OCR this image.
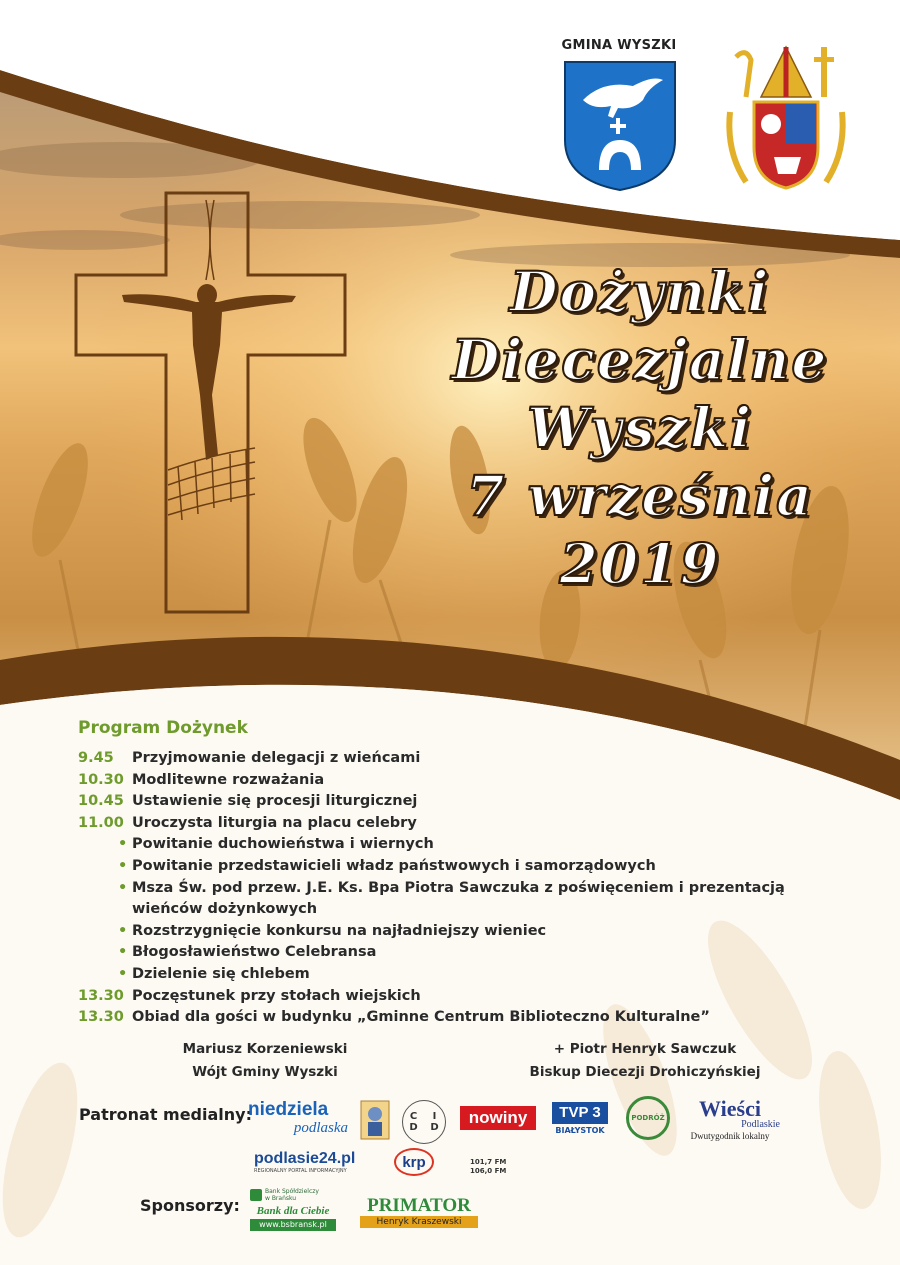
GMINA WYSZKI
Dożynki
Diecezjalne
Wyszki
7 września
2019
Program Dożynek
9.45	Przyjmowanie delegacji z wieńcami
10.30 Modlitewne rozważania
10.45 Ustawienie się procesji liturgicznej
11.00 Uroczysta liturgia na placu celebry
• Powitanie duchowieństwa i wiernych
• Powitanie przedstawicieli władz państwowych i samorządowych
• Msza Św. pod przew. J.E. Ks. Bpa Piotra Sawczuka z poświęceniem i prezentacją wieńców dożynkowych
• Rozstrzygnięcie konkursu na najładniejszy wieniec
• Błogosławieństwo Celebransa
• Dzielenie się chlebem
13.30 Poczęstunek przy stołach wiejskich
13.30 Obiad dla gości w budynku „Gminne Centrum Biblioteczno Kulturalne”
Mariusz Korzeniewski
Wójt Gminy Wyszki
+ Piotr Henryk Sawczuk
Biskup Diecezji Drohiczyńskiej
Patronat medialny:
niedziela
podlaska
C I
D D
nowiny	TVP 3
BIAŁYSTOK
PODRÓŻ	Wieści
Podlaskie
Dwutygodnik lokalny
podlasie24.pl
REGIONALNY PORTAL INFORMACYJNY	krp	101,7 FM
106,0 FM
Sponsorzy:
Bank Spółdzielczy
w Brańsku
Bank dla Ciebie
www.bsbransk.pl
PRIMATOR
Henryk Kraszewski
